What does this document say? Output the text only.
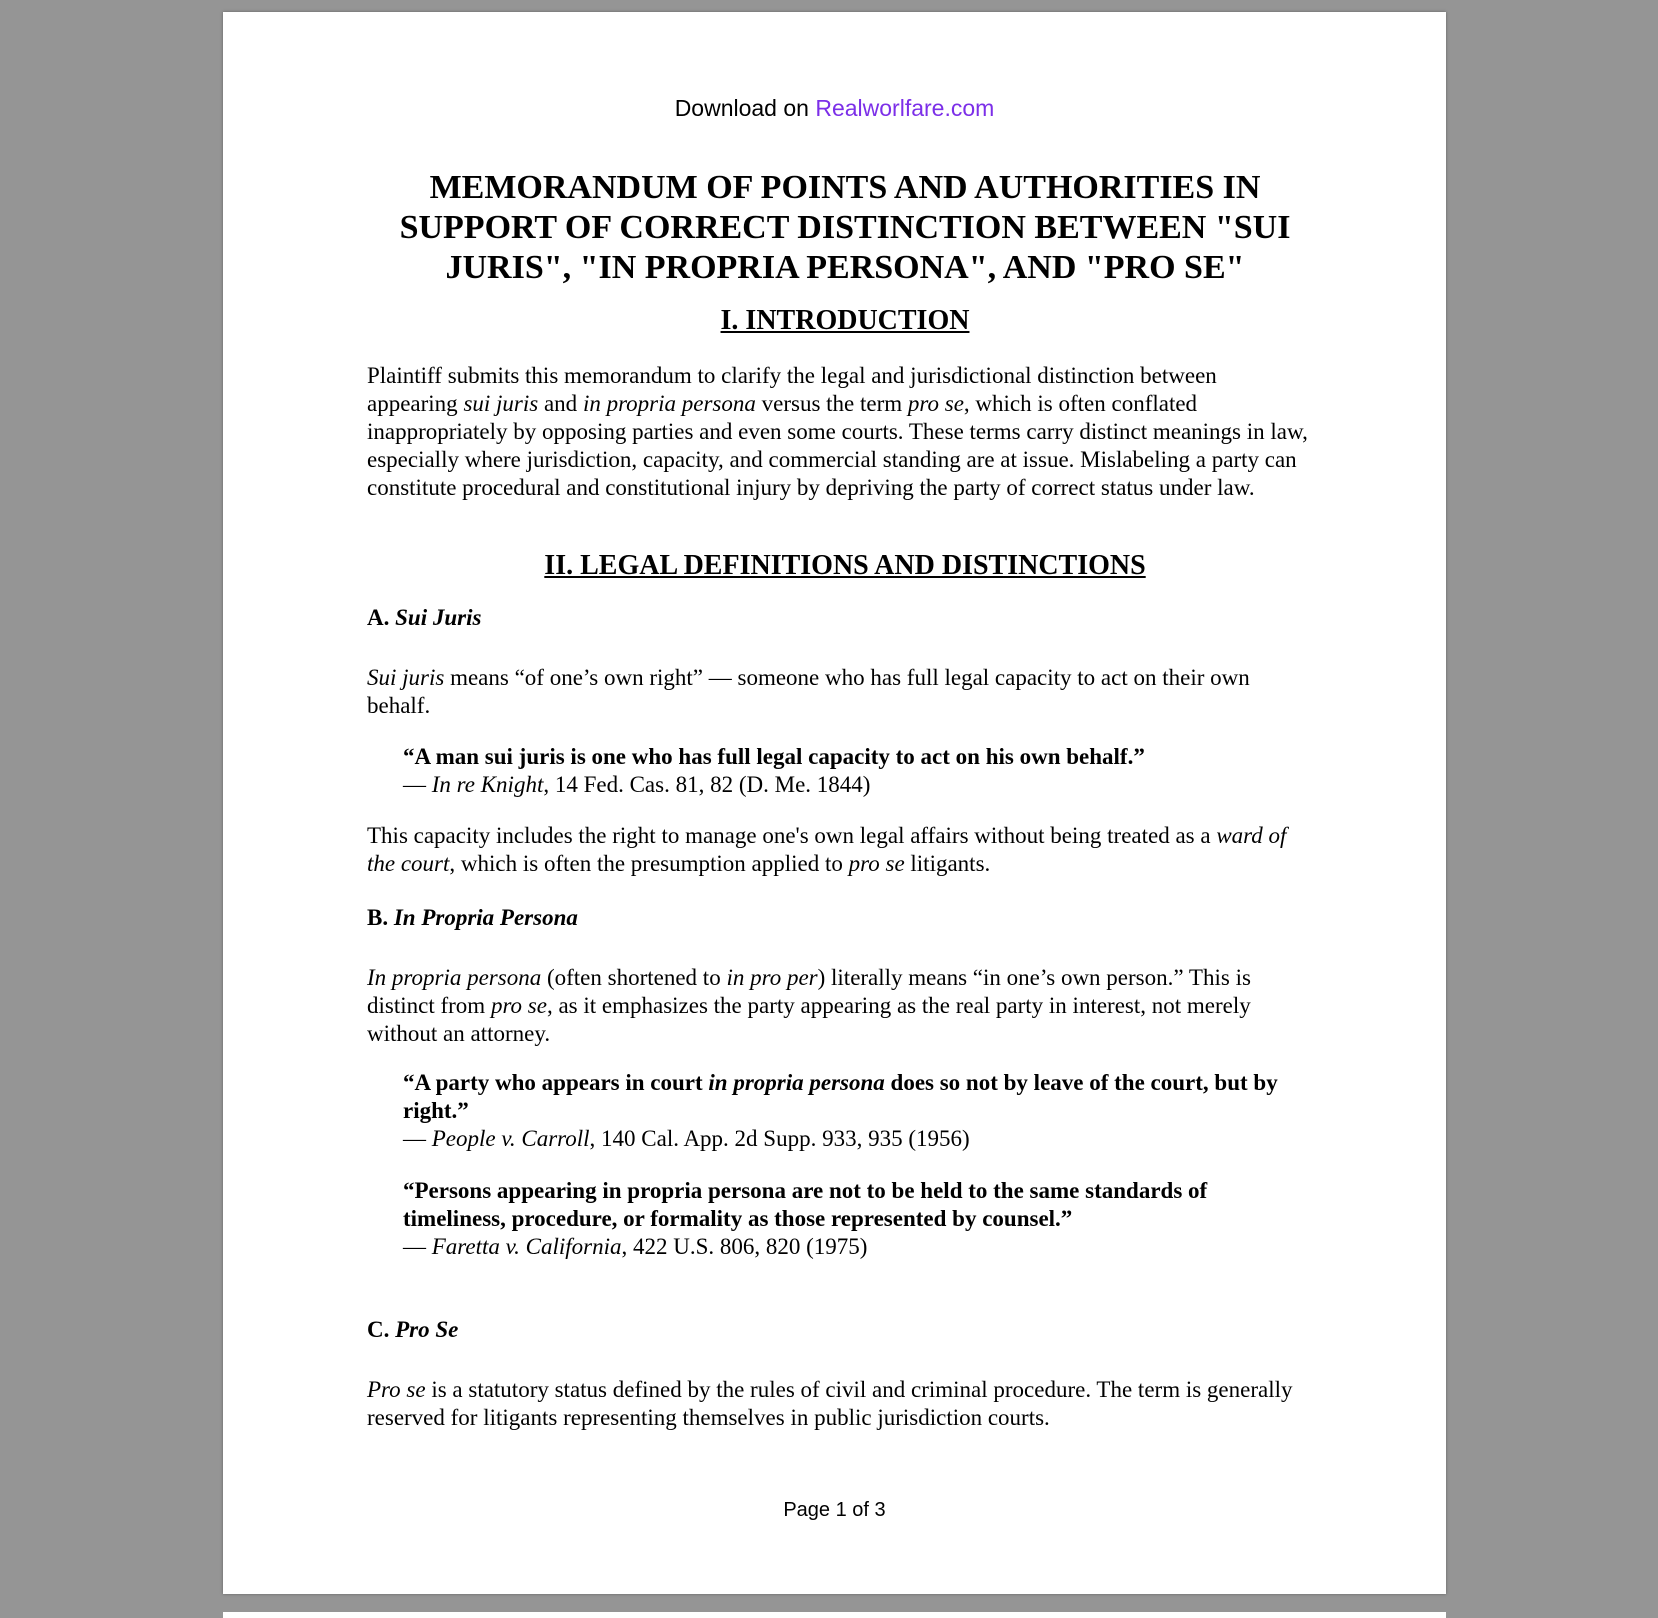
Download on Realworlfare.com
MEMORANDUM OF POINTS AND AUTHORITIES IN SUPPORT OF CORRECT DISTINCTION BETWEEN "SUI JURIS", "IN PROPRIA PERSONA", AND "PRO SE"
I. INTRODUCTION

Plaintiff submits this memorandum to clarify the legal and jurisdictional distinction between appearing sui juris and in propria persona versus the term pro se, which is often conflated inappropriately by opposing parties and even some courts. These terms carry distinct meanings in law, especially where jurisdiction, capacity, and commercial standing are at issue. Mislabeling a party can constitute procedural and constitutional injury by depriving the party of correct status under law.

II. LEGAL DEFINITIONS AND DISTINCTIONS

A. Sui Juris

Sui juris means “of one’s own right” — someone who has full legal capacity to act on their own behalf.

“A man sui juris is one who has full legal capacity to act on his own behalf.”
— In re Knight, 14 Fed. Cas. 81, 82 (D. Me. 1844)

This capacity includes the right to manage one's own legal affairs without being treated as a ward of the court, which is often the presumption applied to pro se litigants.

B. In Propria Persona

In propria persona (often shortened to in pro per) literally means “in one’s own person.” This is distinct from pro se, as it emphasizes the party appearing as the real party in interest, not merely without an attorney.

“A party who appears in court in propria persona does so not by leave of the court, but by right.”
— People v. Carroll, 140 Cal. App. 2d Supp. 933, 935 (1956)

“Persons appearing in propria persona are not to be held to the same standards of timeliness, procedure, or formality as those represented by counsel.”
— Faretta v. California, 422 U.S. 806, 820 (1975)

C. Pro Se

Pro se is a statutory status defined by the rules of civil and criminal procedure. The term is generally reserved for litigants representing themselves in public jurisdiction courts.

Page 1 of 3
